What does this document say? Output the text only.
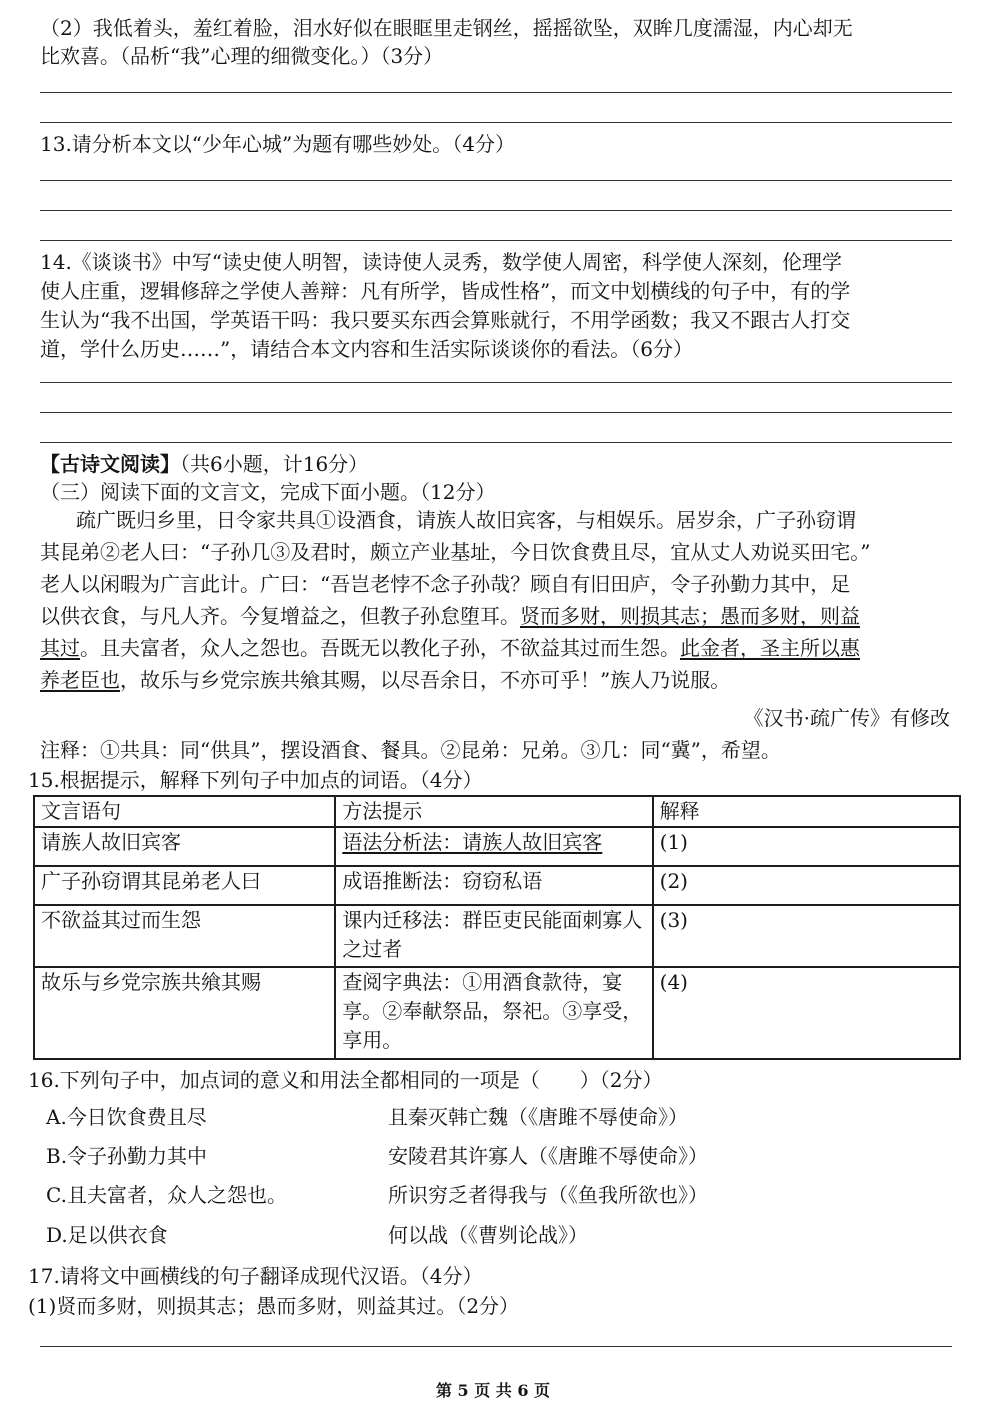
（2）我低着头，羞红着脸，泪水好似在眼眶里走钢丝，摇摇欲坠，双眸几度濡湿，内心却无
比欢喜。（品析“我”心理的细微变化。）（3分）
13.请分析本文以“少年心城”为题有哪些妙处。（4分）
14.《谈谈书》中写“读史使人明智，读诗使人灵秀，数学使人周密，科学使人深刻，伦理学
使人庄重，逻辑修辞之学使人善辩：凡有所学，皆成性格”，而文中划横线的句子中，有的学
生认为“我不出国，学英语干吗：我只要买东西会算账就行，不用学函数；我又不跟古人打交
道，学什么历史……”，请结合本文内容和生活实际谈谈你的看法。（6分）
【古诗文阅读】（共6小题，计16分）
（三）阅读下面的文言文，完成下面小题。（12分）
疏广既归乡里，日令家共具①设酒食，请族人故旧宾客，与相娱乐。居岁余，广子孙窃谓
其昆弟②老人曰：“子孙几③及君时，颇立产业基址，今日饮食费且尽，宜从丈人劝说买田宅。”
老人以闲暇为广言此计。广曰：“吾岂老悖不念子孙哉？顾自有旧田庐，令子孙勤力其中，足
以供衣食，与凡人齐。今复增益之，但教子孙怠堕耳。贤而多财，则损其志；愚而多财，则益
其过。且夫富者，众人之怨也。吾既无以教化子孙，不欲益其过而生怨。此金者，圣主所以惠
养老臣也，故乐与乡党宗族共飨其赐，以尽吾余日，不亦可乎！”族人乃说服。
《汉书·疏广传》有修改
注释：①共具：同“供具”，摆设酒食、餐具。②昆弟：兄弟。③几：同“冀”，希望。
15.根据提示，解释下列句子中加点的词语。（4分）
文言语句	方法提示	解释
请族人故旧宾客	语法分析法：请族人故旧宾客	(1)
广子孙窃谓其昆弟老人曰	成语推断法：窃窃私语	(2)
不欲益其过而生怨	课内迁移法：群臣吏民能面刺寡人之过者	(3)
故乐与乡党宗族共飨其赐	查阅字典法：①用酒食款待，宴享。②奉献祭品，祭祀。③享受，享用。	(4)
16.下列句子中，加点词的意义和用法全都相同的一项是（　　）（2分）
A.今日饮食费且尽	且秦灭韩亡魏（《唐雎不辱使命》）
B.令子孙勤力其中	安陵君其许寡人（《唐雎不辱使命》）
C.且夫富者，众人之怨也。	所识穷乏者得我与（《鱼我所欲也》）
D.足以供衣食	何以战（《曹刿论战》）
17.请将文中画横线的句子翻译成现代汉语。（4分）
(1)贤而多财，则损其志；愚而多财，则益其过。（2分）
第 5 页 共 6 页
